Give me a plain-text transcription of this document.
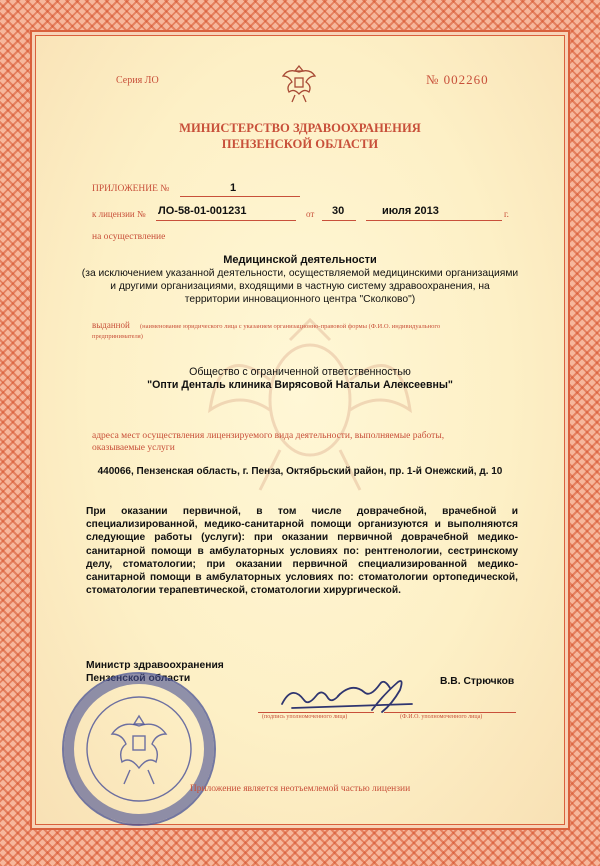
Серия ЛО	№ 002260
МИНИСТЕРСТВО ЗДРАВООХРАНЕНИЯ
ПЕНЗЕНСКОЙ ОБЛАСТИ
ПРИЛОЖЕНИЕ №	1
к лицензии № ЛО-58-01-001231	от 30	июля 2013	г.
на осуществление
Медицинской деятельности
(за исключением указанной деятельности, осуществляемой медицинскими организациями
и другими организациями, входящими в частную систему здравоохранения, на
территории инновационного центра "Сколково")
выданной (наименование юридического лица с указанием организационно-правовой формы (Ф.И.О. индивидуального
предпринимателя)
Общество с ограниченной ответственностью
"Опти Денталь клиника Вирясовой Натальи Алексеевны"
адреса мест осуществления лицензируемого вида деятельности, выполняемые работы,
оказываемые услуги
440066, Пензенская область, г. Пенза, Октябрьский район, пр. 1-й Онежский, д. 10
При оказании первичной, в том числе доврачебной, врачебной и специализированной, медико-санитарной помощи организуются и выполняются следующие работы (услуги): при оказании первичной доврачебной медико-санитарной помощи в амбулаторных условиях по: рентгенологии, сестринскому делу, стоматологии; при оказании первичной специализированной медико-санитарной помощи в амбулаторных условиях по: стоматологии ортопедической, стоматологии терапевтической, стоматологии хирургической.
Министр здравоохранения
Пензенской области	В.В. Стрючков
(подпись уполномоченного лица)	(Ф.И.О. уполномоченного лица)
Приложение является неотъемлемой частью лицензии
